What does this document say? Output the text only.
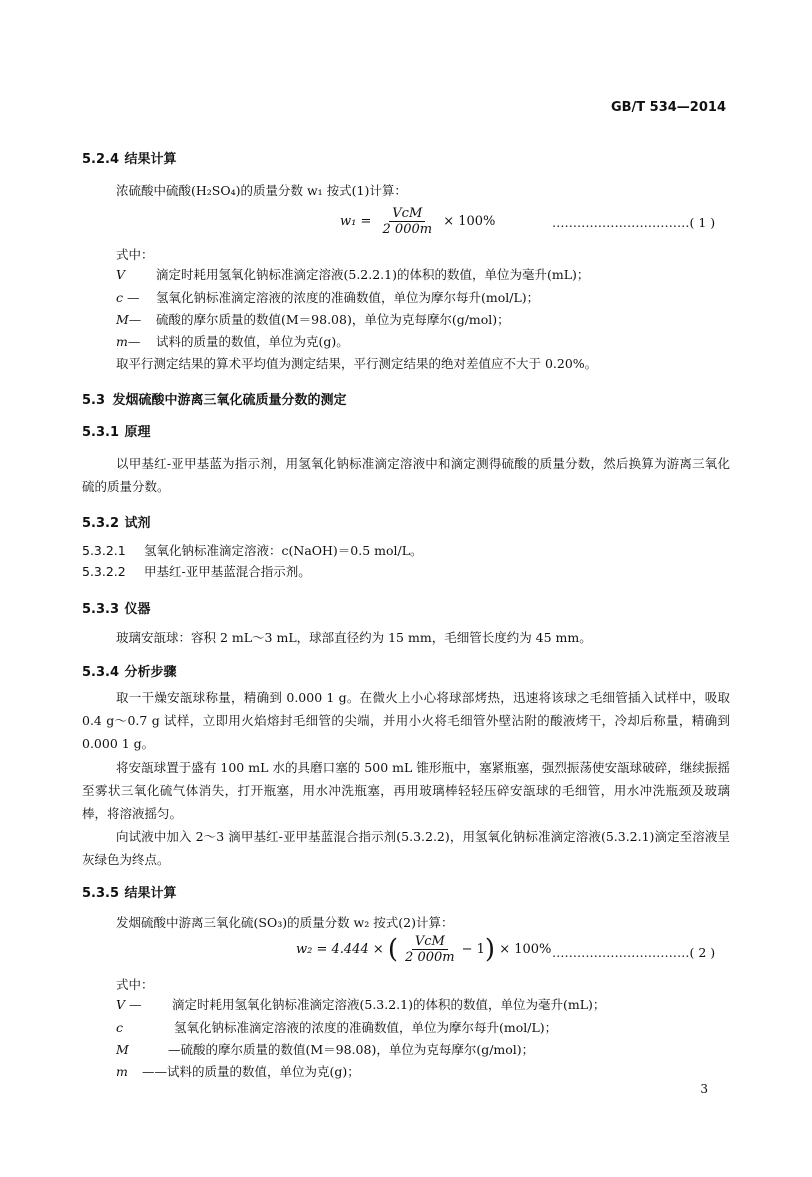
GB/T 534—2014
5.2.4 结果计算
浓硫酸中硫酸(H₂SO₄)的质量分数 w₁ 按式(1)计算：
$w_1 = \frac{\text{VcM}}{2 000m} \times 100\%$	……………………………( 1 )
式中：
V 滴定时耗用氢氧化钠标准滴定溶液(5.2.2.1)的体积的数值，单位为毫升(mL)；
c — 氢氧化钠标准滴定溶液的浓度的准确数值，单位为摩尔每升(mol/L)；
M— 硫酸的摩尔质量的数值(M＝98.08)，单位为克每摩尔(g/mol)；
m— 试料的质量的数值，单位为克(g)。
取平行测定结果的算术平均值为测定结果，平行测定结果的绝对差值应不大于 0.20%。
5.3 发烟硫酸中游离三氧化硫质量分数的测定
5.3.1 原理
以甲基红-亚甲基蓝为指示剂，用氢氧化钠标准滴定溶液中和滴定测得硫酸的质量分数，然后换算为游离三氧化硫的质量分数。
5.3.2 试剂
5.3.2.1 氢氧化钠标准滴定溶液：c(NaOH)＝0.5 mol/L。
5.3.2.2 甲基红-亚甲基蓝混合指示剂。
5.3.3 仪器
玻璃安瓿球：容积 2 mL～3 mL，球部直径约为 15 mm，毛细管长度约为 45 mm。
5.3.4 分析步骤
取一干燥安瓿球称量，精确到 0.000 1 g。在微火上小心将球部烤热，迅速将该球之毛细管插入试样中，吸取 0.4 g～0.7 g 试样，立即用火焰熔封毛细管的尖端，并用小火将毛细管外壁沾附的酸液烤干，冷却后称量，精确到 0.000 1 g。
将安瓿球置于盛有 100 mL 水的具磨口塞的 500 mL 锥形瓶中，塞紧瓶塞，强烈振荡使安瓿球破碎，继续振摇至雾状三氧化硫气体消失，打开瓶塞，用水冲洗瓶塞，再用玻璃棒轻轻压碎安瓿球的毛细管，用水冲洗瓶颈及玻璃棒，将溶液摇匀。
向试液中加入 2～3 滴甲基红-亚甲基蓝混合指示剂(5.3.2.2)，用氢氧化钠标准滴定溶液(5.3.2.1)滴定至溶液呈灰绿色为终点。
5.3.5 结果计算
发烟硫酸中游离三氧化硫(SO₃)的质量分数 w₂ 按式(2)计算：
w₂ = 4.444 × ( $\frac{\text{VcM}}{2 000m} - 1) \times 100\%$ ……………………………( 2 )
式中：
V — 滴定时耗用氢氧化钠标准滴定溶液(5.3.2.1)的体积的数值，单位为毫升(mL)；
c	氢氧化钠标准滴定溶液的浓度的准确数值，单位为摩尔每升(mol/L)；
M	—硫酸的摩尔质量的数值(M＝98.08)，单位为克每摩尔(g/mol)；
m ——试料的质量的数值，单位为克(g)；
3
